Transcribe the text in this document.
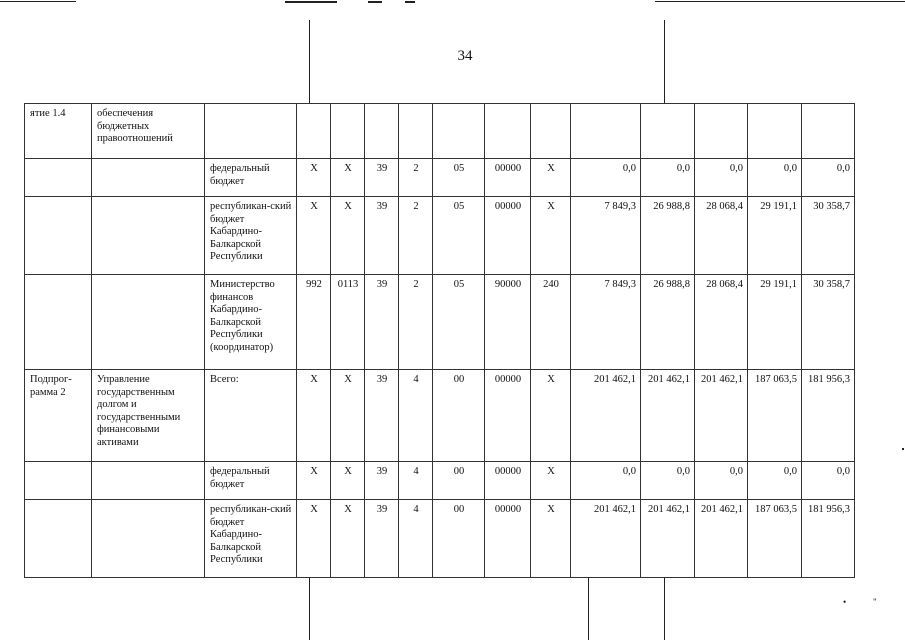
34
ятие 1.4	обеспечения бюджетных правоотношений													
		федеральный бюджет	X	X	39	2	05	00000	X	0,0	0,0	0,0	0,0	0,0
		республикан-ский бюджет Кабардино-Балкарской Республики	X	X	39	2	05	00000	X	7 849,3	26 988,8	28 068,4	29 191,1	30 358,7
		Министерство финансов Кабардино-Балкарской Республики (координатор)	992	0113	39	2	05	90000	240	7 849,3	26 988,8	28 068,4	29 191,1	30 358,7
Подпрог-рамма 2	Управление государственным долгом и государственными финансовыми активами	Всего:	X	X	39	4	00	00000	X	201 462,1	201 462,1	201 462,1	187 063,5	181 956,3
		федеральный бюджет	X	X	39	4	00	00000	X	0,0	0,0	0,0	0,0	0,0
		республикан-ский бюджет Кабардино-Балкарской Республики	X	X	39	4	00	00000	X	201 462,1	201 462,1	201 462,1	187 063,5	181 956,3
•	"
